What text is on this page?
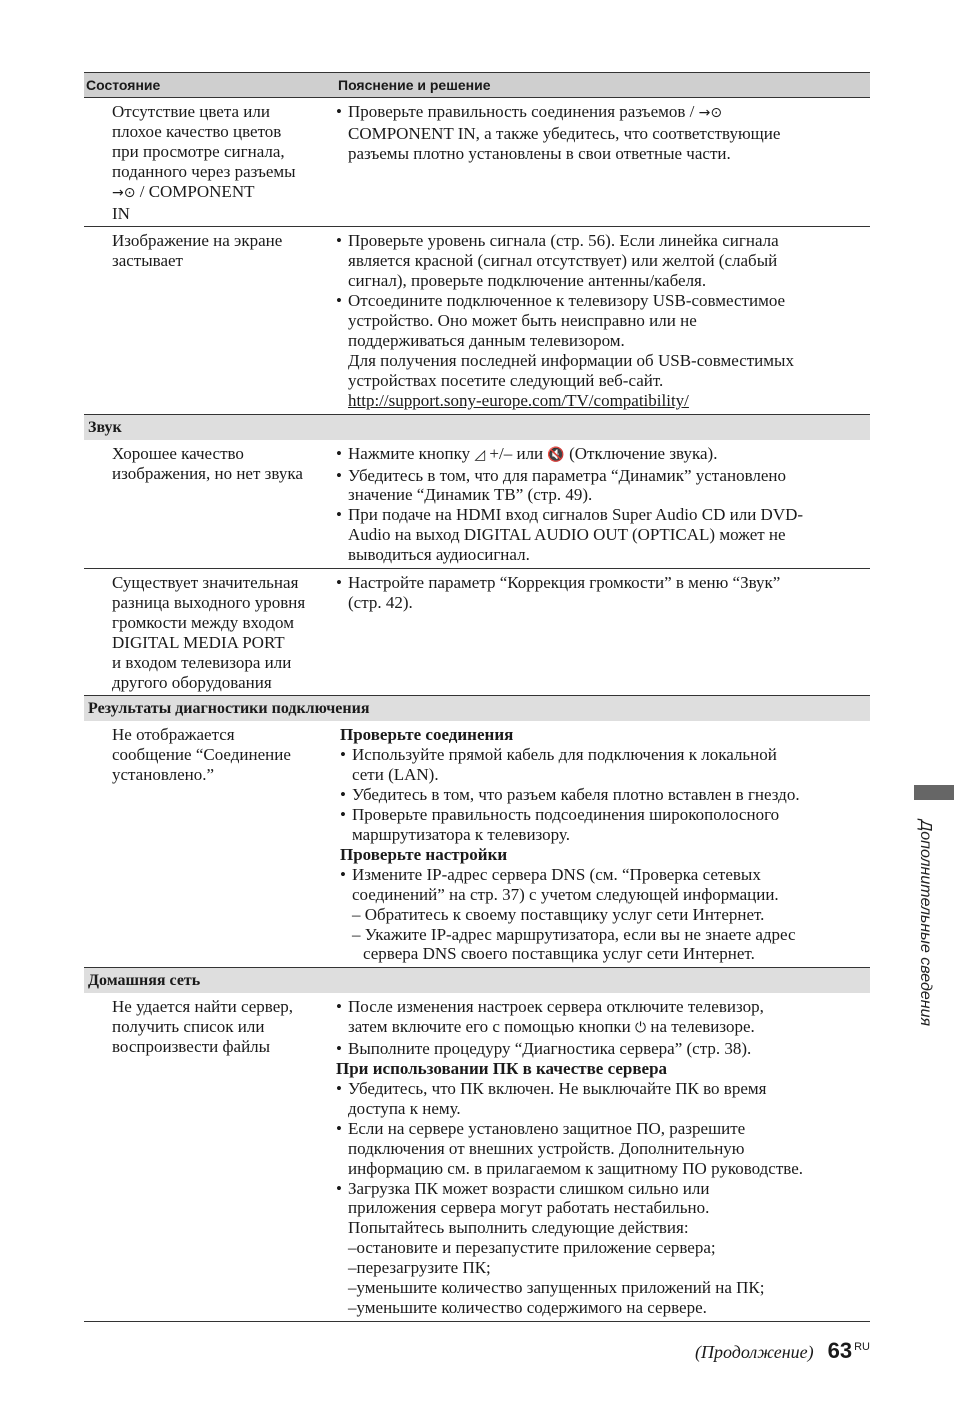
Состояние	Пояснение и решение
Отсутствие цвета или
плохое качество цветов
при просмотре сигнала,
поданного через разъемы
→⊙ / COMPONENT
IN
• Проверьте правильность соединения разъемов / →⊙
COMPONENT IN, а также убедитесь, что соответствующие
разъемы плотно установлены в свои ответные части.
Изображение на экране
застывает
• Проверьте уровень сигнала (стр. 56). Если линейка сигнала
является красной (сигнал отсутствует) или желтой (слабый
сигнал), проверьте подключение антенны/кабеля.
• Отсоедините подключенное к телевизору USB-совместимое
устройство. Оно может быть неисправно или не
поддерживаться данным телевизором.
Для получения последней информации об USB-совместимых
устройствах посетите следующий веб-сайт.
http://support.sony-europe.com/TV/compatibility/
Звук
Хорошее качество
изображения, но нет звука
• Нажмите кнопку ◿ +/– или 🔇 (Отключение звука).
• Убедитесь в том, что для параметра “Динамик” установлено
значение “Динамик ТВ” (стр. 49).
• При подаче на HDMI вход сигналов Super Audio CD или DVD-
Audio на выход DIGITAL AUDIO OUT (OPTICAL) может не
выводиться аудиосигнал.
Существует значительная
разница выходного уровня
громкости между входом
DIGITAL MEDIA PORT
и входом телевизора или
другого оборудования
• Настройте параметр “Коррекция громкости” в меню “Звук”
(стр. 42).
Результаты диагностики подключения
Не отображается
сообщение “Соединение
установлено.”
Проверьте соединения
• Используйте прямой кабель для подключения к локальной
сети (LAN).
• Убедитесь в том, что разъем кабеля плотно вставлен в гнездо.
• Проверьте правильность подсоединения широкополосного
маршрутизатора к телевизору.
Проверьте настройки
• Измените IP-адрес сервера DNS (см. “Проверка сетевых
соединений” на стр. 37) с учетом следующей информации.
– Обратитесь к своему поставщику услуг сети Интернет.
– Укажите IP-адрес маршрутизатора, если вы не знаете адрес
сервера DNS своего поставщика услуг сети Интернет.
Домашняя сеть
Не удается найти сервер,
получить список или
воспроизвести файлы
• После изменения настроек сервера отключите телевизор,
затем включите его с помощью кнопки ⏻ на телевизоре.
• Выполните процедуру “Диагностика сервера” (стр. 38).
При использовании ПК в качестве сервера
• Убедитесь, что ПК включен. Не выключайте ПК во время
доступа к нему.
• Если на сервере установлено защитное ПО, разрешите
подключения от внешних устройств. Дополнительную
информацию см. в прилагаемом к защитному ПО руководстве.
• Загрузка ПК может возрасти слишком сильно или
приложения сервера могут работать нестабильно.
Попытайтесь выполнить следующие действия:
–остановите и перезапустите приложение сервера;
–перезагрузите ПК;
–уменьшите количество запущенных приложений на ПК;
–уменьшите количество содержимого на сервере.
Дополнительные сведения
(Продолжение) 63 RU
